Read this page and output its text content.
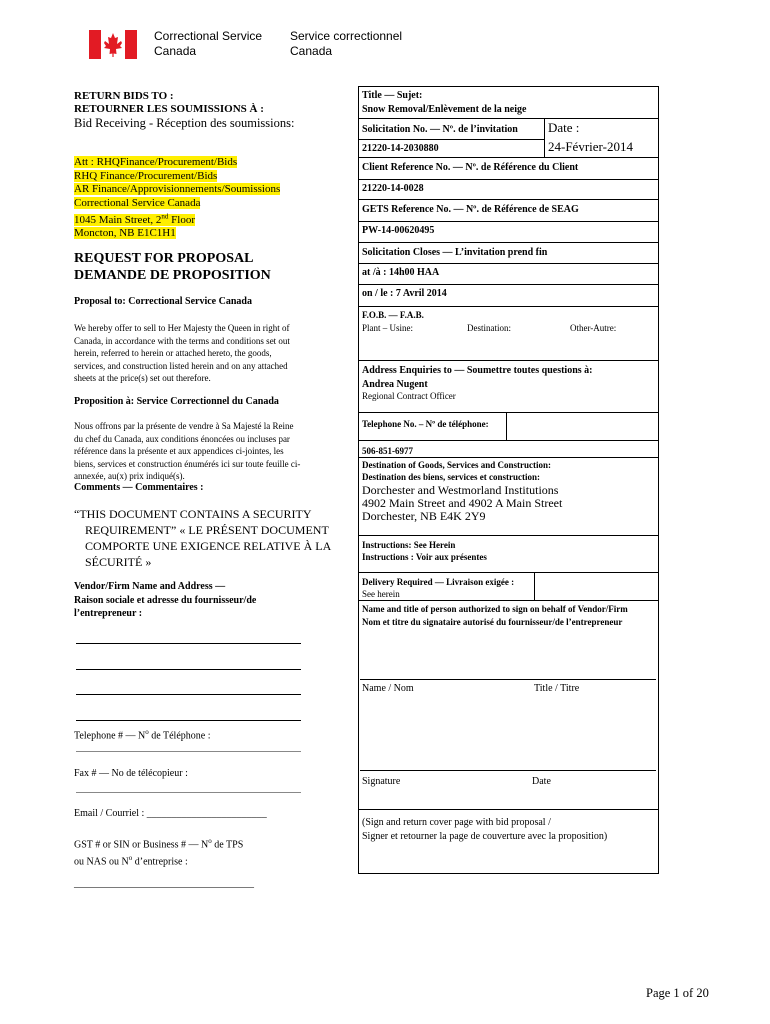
Correctional Service
Canada
Service correctionnel
Canada
RETURN BIDS TO :
RETOURNER LES SOUMISSIONS À :
Bid Receiving - Réception des soumissions:
Att : RHQFinance/Procurement/Bids
RHQ Finance/Procurement/Bids
AR Finance/Approvisionnements/Soumissions
Correctional Service Canada
1045 Main Street, 2nd Floor
Moncton, NB E1C1H1
REQUEST FOR PROPOSAL
DEMANDE DE PROPOSITION
Proposal to: Correctional Service Canada
We hereby offer to sell to Her Majesty the Queen in right of
Canada, in accordance with the terms and conditions set out
herein, referred to herein or attached hereto, the goods,
services, and construction listed herein and on any attached
sheets at the price(s) set out therefore.
Proposition à: Service Correctionnel du Canada
Nous offrons par la présente de vendre à Sa Majesté la Reine
du chef du Canada, aux conditions énoncées ou incluses par
référence dans la présente et aux appendices ci-jointes, les
biens, services et construction énumérés ici sur toute feuille ci-
annexée, au(x) prix indiqué(s).
Comments — Commentaires :
“THIS DOCUMENT CONTAINS A SECURITY
REQUIREMENT” « LE PRÉSENT DOCUMENT
COMPORTE UNE EXIGENCE RELATIVE À LA
SÉCURITÉ »
Vendor/Firm Name and Address —
Raison sociale et adresse du fournisseur/de
l’entrepreneur :
Telephone # — $N^o$ de Téléphone :
Fax # — No de télécopieur :
Email / Courriel : ________________________
GST # or SIN or Business # — $N^o$ de TPS
ou NAS ou $N^o$ d’entreprise :
____________________________________
Title — Sujet:
Snow Removal/Enlèvement de la neige
Solicitation No. — Nº. de l’invitation Date :
21220-14-2030880	24-Février-2014
Client Reference No. — Nº. de Référence du Client
21220-14-0028
GETS Reference No. — Nº. de Référence de SEAG
PW-14-00620495
Solicitation Closes — L’invitation prend fin
at /à : 14h00 HAA
on / le : 7 Avril 2014
F.O.B. — F.A.B.
Plant – Usine:	Destination:	Other-Autre:
Address Enquiries to — Soumettre toutes questions à:
Andrea Nugent
Regional Contract Officer
Telephone No. – Nº de téléphone:
506-851-6977
Destination of Goods, Services and Construction:
Destination des biens, services et construction:
Dorchester and Westmorland Institutions
4902 Main Street and 4902 A Main Street
Dorchester, NB E4K 2Y9
Instructions: See Herein
Instructions : Voir aux présentes
Delivery Required — Livraison exigée :
See herein
Name and title of person authorized to sign on behalf of Vendor/Firm
Nom et titre du signataire autorisé du fournisseur/de l’entrepreneur
Name / Nom	Title / Titre
Signature	Date
(Sign and return cover page with bid proposal /
Signer et retourner la page de couverture avec la proposition)
Page 1 of 20
